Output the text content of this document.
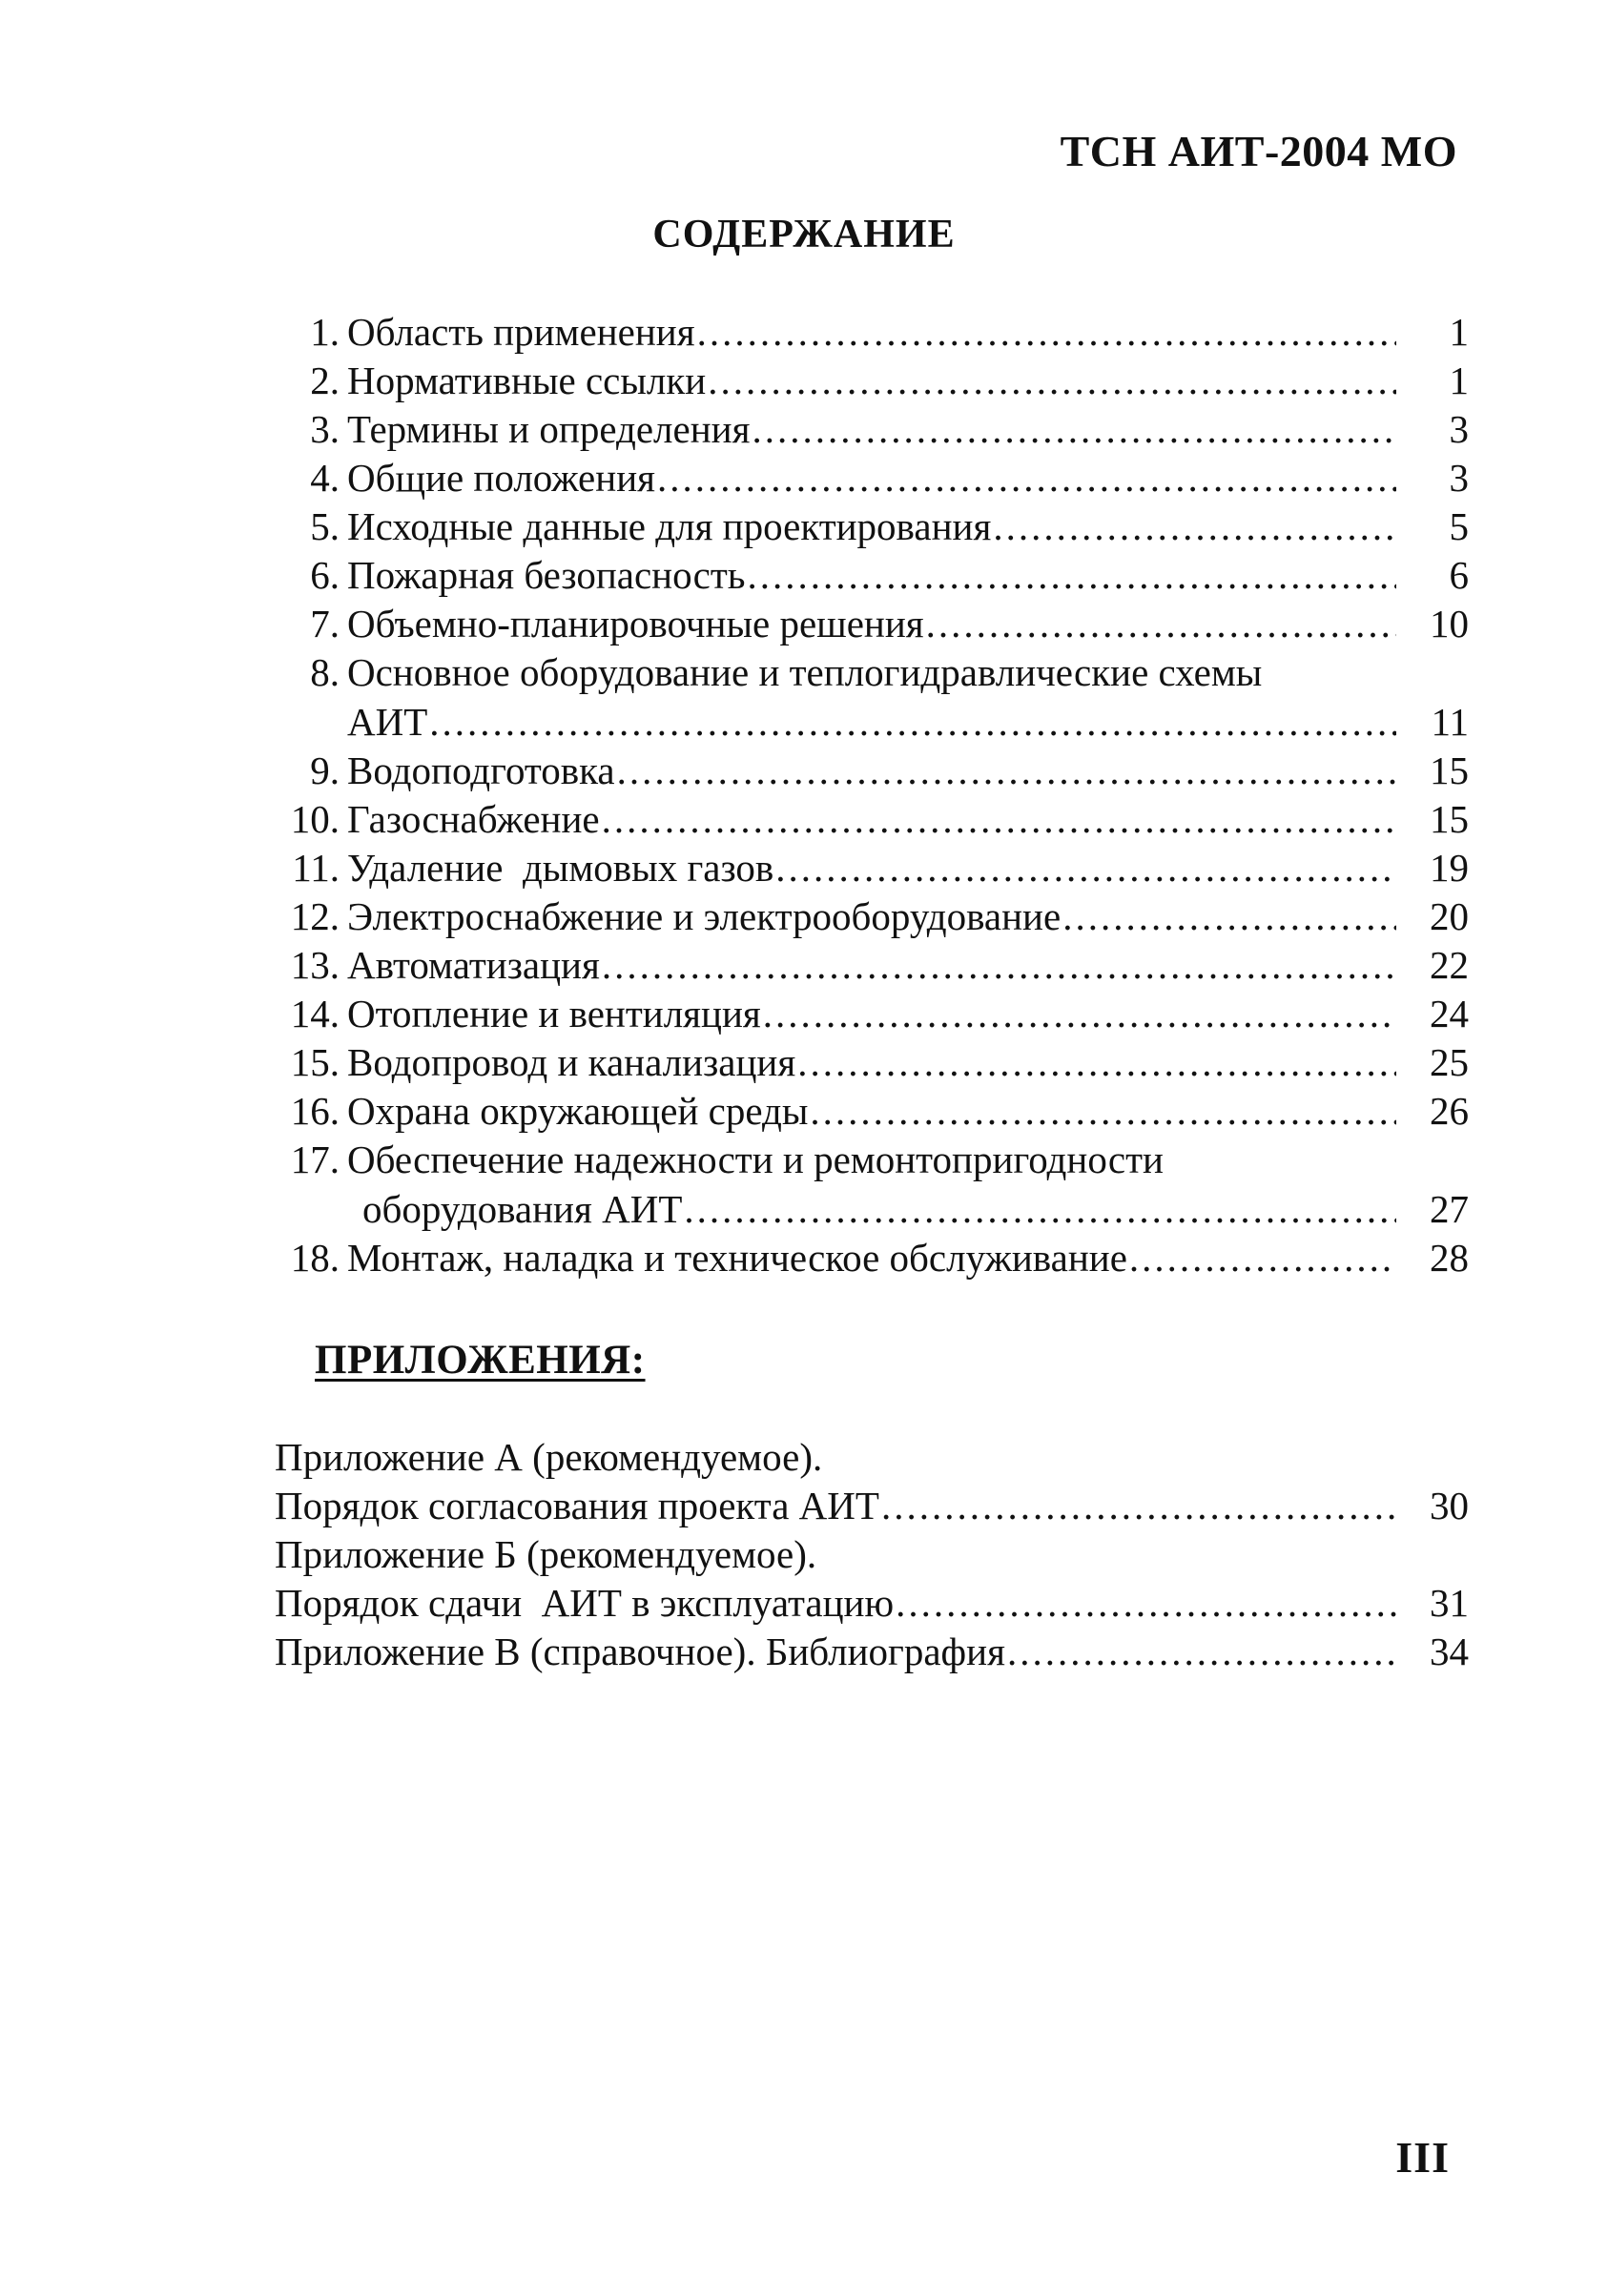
ТСН АИТ-2004 МО
СОДЕРЖАНИЕ
1. Область применения .....	1
2. Нормативные ссылки .....	1
3. Термины и определения .....	3
4. Общие положения .....	3
5. Исходные данные для проектирования .....	5
6. Пожарная безопасность .....	6
7. Объемно-планировочные решения .....	10
8. Основное оборудование и теплогидравлические схемы
АИТ .....	11
9. Водоподготовка .....	15
10. Газоснабжение .....	15
11. Удаление  дымовых газов .....	19
12. Электроснабжение и электрооборудование .....	20
13. Автоматизация .....	22
14. Отопление и вентиляция .....	24
15. Водопровод и канализация .....	25
16. Охрана окружающей среды .....	26
17. Обеспечение надежности и ремонтопригодности
оборудования АИТ .....	27
18. Монтаж, наладка и техническое обслуживание .....	28
ПРИЛОЖЕНИЯ:
Приложение А (рекомендуемое).
Порядок согласования проекта АИТ .....	30
Приложение Б (рекомендуемое).
Порядок сдачи  АИТ в эксплуатацию .....	31
Приложение В (справочное). Библиография .....	34
III
